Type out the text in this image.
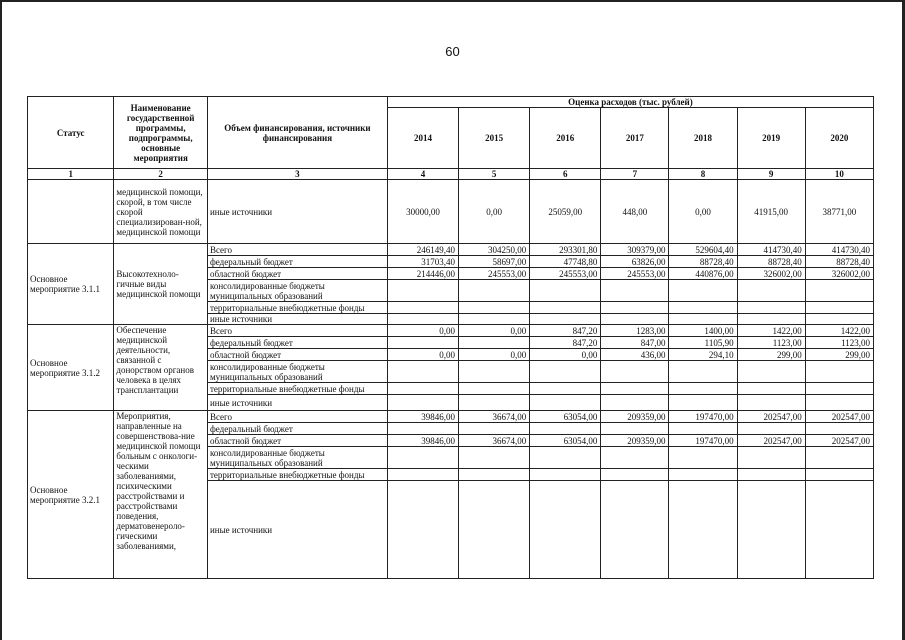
60
Статус	Наименование государственной программы, подпрограммы, основные мероприятия	Объем финансирования, источники финансирования	Оценка расходов (тыс. рублей)						
			2014	2015	2016	2017	2018	2019	2020
1	2	3	4	5	6	7	8	9	10
	медицинской помощи, скорой, в том числе скорой специализирован-ной, медицинской помощи	иные источники	30000,00	0,00	25059,00	448,00	0,00	41915,00	38771,00
Основное мероприятие 3.1.1	Высокотехноло-гичные виды медицинской помощи	Всего	246149,40	304250,00	293301,80	309379,00	529604,40	414730,40	414730,40
		федеральный бюджет	31703,40	58697,00	47748,80	63826,00	88728,40	88728,40	88728,40
		областной бюджет	214446,00	245553,00	245553,00	245553,00	440876,00	326002,00	326002,00
		консолидированные бюджеты муниципальных образований							
		территориальные внебюджетные фонды							
		иные источники							
Основное мероприятие 3.1.2	Обеспечение медицинской деятельности, связанной с донорством органов человека в целях трансплантации	Всего	0,00	0,00	847,20	1283,00	1400,00	1422,00	1422,00
		федеральный бюджет			847,20	847,00	1105,90	1123,00	1123,00
		областной бюджет	0,00	0,00	0,00	436,00	294,10	299,00	299,00
		консолидированные бюджеты муниципальных образований							
		территориальные внебюджетные фонды							
		иные источники							
Основное мероприятие 3.2.1	Мероприятия, направленные на совершенствова-ние медицинской помощи больным с онкологи-ческими заболеваниями, психическими расстройствами и расстройствами поведения, дерматовенероло-гическими заболеваниями,	Всего	39846,00	36674,00	63054,00	209359,00	197470,00	202547,00	202547,00
		федеральный бюджет							
		областной бюджет	39846,00	36674,00	63054,00	209359,00	197470,00	202547,00	202547,00
		консолидированные бюджеты муниципальных образований							
		территориальные внебюджетные фонды							
		иные источники							
